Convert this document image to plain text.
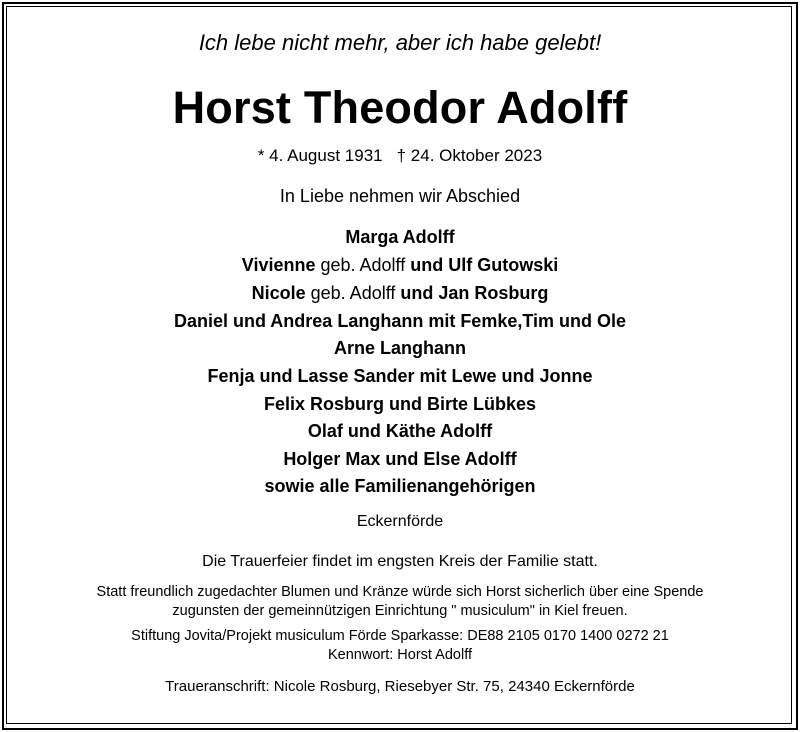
Ich lebe nicht mehr, aber ich habe gelebt!
Horst Theodor Adolff
* 4. August 1931 † 24. Oktober 2023
In Liebe nehmen wir Abschied
Marga Adolff
Vivienne geb. Adolff und Ulf Gutowski
Nicole geb. Adolff und Jan Rosburg
Daniel und Andrea Langhann mit Femke,Tim und Ole
Arne Langhann
Fenja und Lasse Sander mit Lewe und Jonne
Felix Rosburg und Birte Lübkes
Olaf und Käthe Adolff
Holger Max und Else Adolff
sowie alle Familienangehörigen
Eckernförde
Die Trauerfeier findet im engsten Kreis der Familie statt.
Statt freundlich zugedachter Blumen und Kränze würde sich Horst sicherlich über eine Spende
zugunsten der gemeinnützigen Einrichtung " musiculum" in Kiel freuen.
Stiftung Jovita/Projekt musiculum Förde Sparkasse: DE88 2105 0170 1400 0272 21
Kennwort: Horst Adolff
Traueranschrift: Nicole Rosburg, Riesebyer Str. 75, 24340 Eckernförde
